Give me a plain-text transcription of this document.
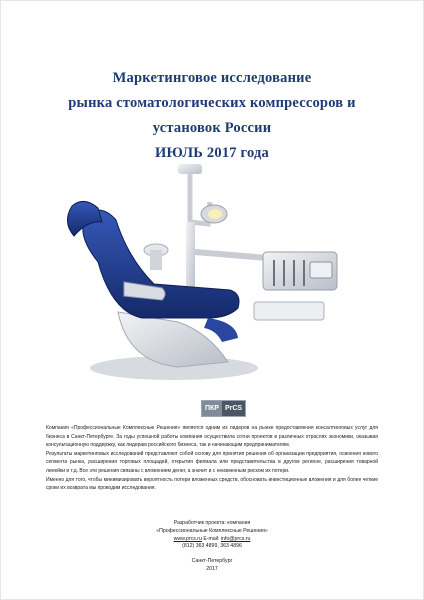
Маркетинговое исследование
рынка стоматологических компрессоров и
установок России
ИЮЛЬ 2017 года
ПКР PrCS

Компания «Профессиональные Комплексные Решения» является одним из лидеров на рынке предоставления консалтинговых услуг для бизнеса в Санкт-Петербурге. За годы успешной работы компания осуществила сотни проектов в различных отраслях экономики, оказывая консультационную поддержку, как лидерам российского бизнеса, так и начинающим предпринимателям.

Результаты маркетинговых исследований представляют собой основу для принятия решения об организации предприятия, освоения нового сегмента рынка, расширения торговых площадей, открытия филиала или представительства в другом регионе, расширения товарной линейки и т.д. Все эти решения связаны с вложением денег, а значит и с неизменным риском их потери.

Именно для того, чтобы минимизировать вероятность потери вложенных средств, обосновать инвестиционные вложения и для более четкие сроки их возврата мы проводим исследования.

Разработчик проекта: компания
«Профессиональные Комплексные Решения»
www.prcs.ru E-mail: info@prcs.ru
(812) 363 4899, 363 4896
Санкт-Петербург
2017
